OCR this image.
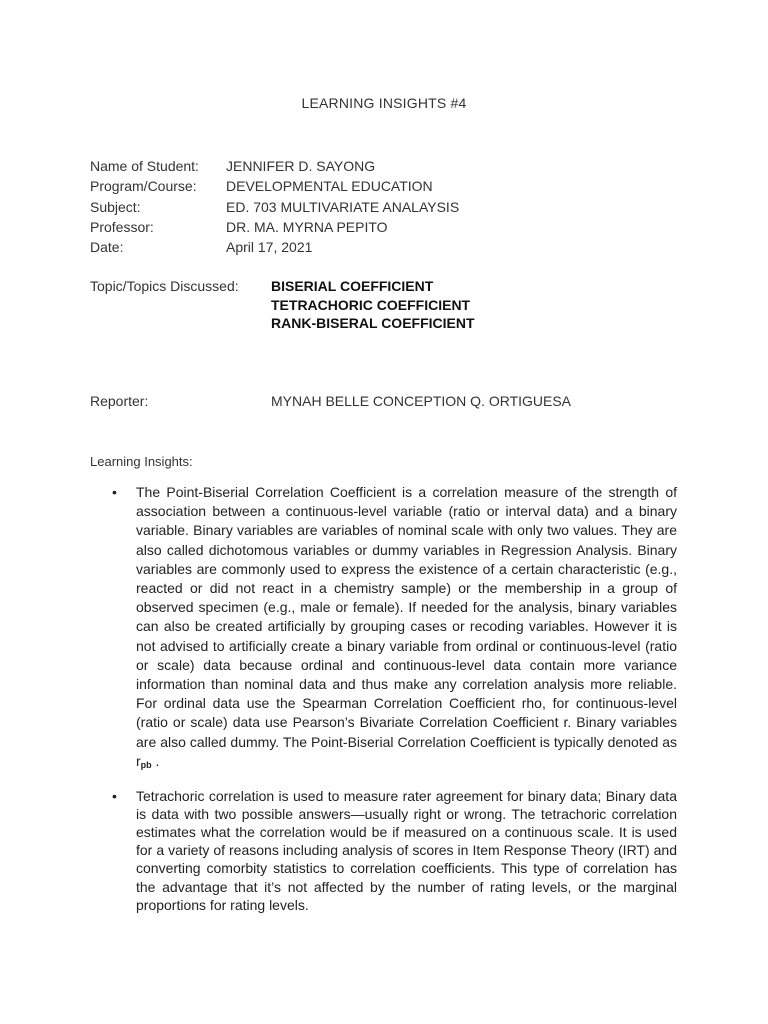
LEARNING INSIGHTS #4
Name of Student:	JENNIFER D. SAYONG
Program/Course:	DEVELOPMENTAL EDUCATION
Subject:	ED. 703 MULTIVARIATE ANALAYSIS
Professor:	DR. MA. MYRNA PEPITO
Date:	April 17, 2021
Topic/Topics Discussed:	BISERIAL COEFFICIENT
TETRACHORIC COEFFICIENT
RANK-BISERAL COEFFICIENT
Reporter:	MYNAH BELLE CONCEPTION Q. ORTIGUESA
Learning Insights:
•	The Point-Biserial Correlation Coefficient is a correlation measure of the strength of association between a continuous-level variable (ratio or interval data) and a binary variable. Binary variables are variables of nominal scale with only two values. They are also called dichotomous variables or dummy variables in Regression Analysis. Binary variables are commonly used to express the existence of a certain characteristic (e.g., reacted or did not react in a chemistry sample) or the membership in a group of observed specimen (e.g., male or female). If needed for the analysis, binary variables can also be created artificially by grouping cases or recoding variables. However it is not advised to artificially create a binary variable from ordinal or continuous-level (ratio or scale) data because ordinal and continuous-level data contain more variance information than nominal data and thus make any correlation analysis more reliable. For ordinal data use the Spearman Correlation Coefficient rho, for continuous-level (ratio or scale) data use Pearson’s Bivariate Correlation Coefficient r. Binary variables are also called dummy. The Point-Biserial Correlation Coefficient is typically denoted as $r_{pb}$ .
•	Tetrachoric correlation is used to measure rater agreement for binary data; Binary data is data with two possible answers—usually right or wrong. The tetrachoric correlation estimates what the correlation would be if measured on a continuous scale. It is used for a variety of reasons including analysis of scores in Item Response Theory (IRT) and converting comorbity statistics to correlation coefficients. This type of correlation has the advantage that it’s not affected by the number of rating levels, or the marginal proportions for rating levels.
